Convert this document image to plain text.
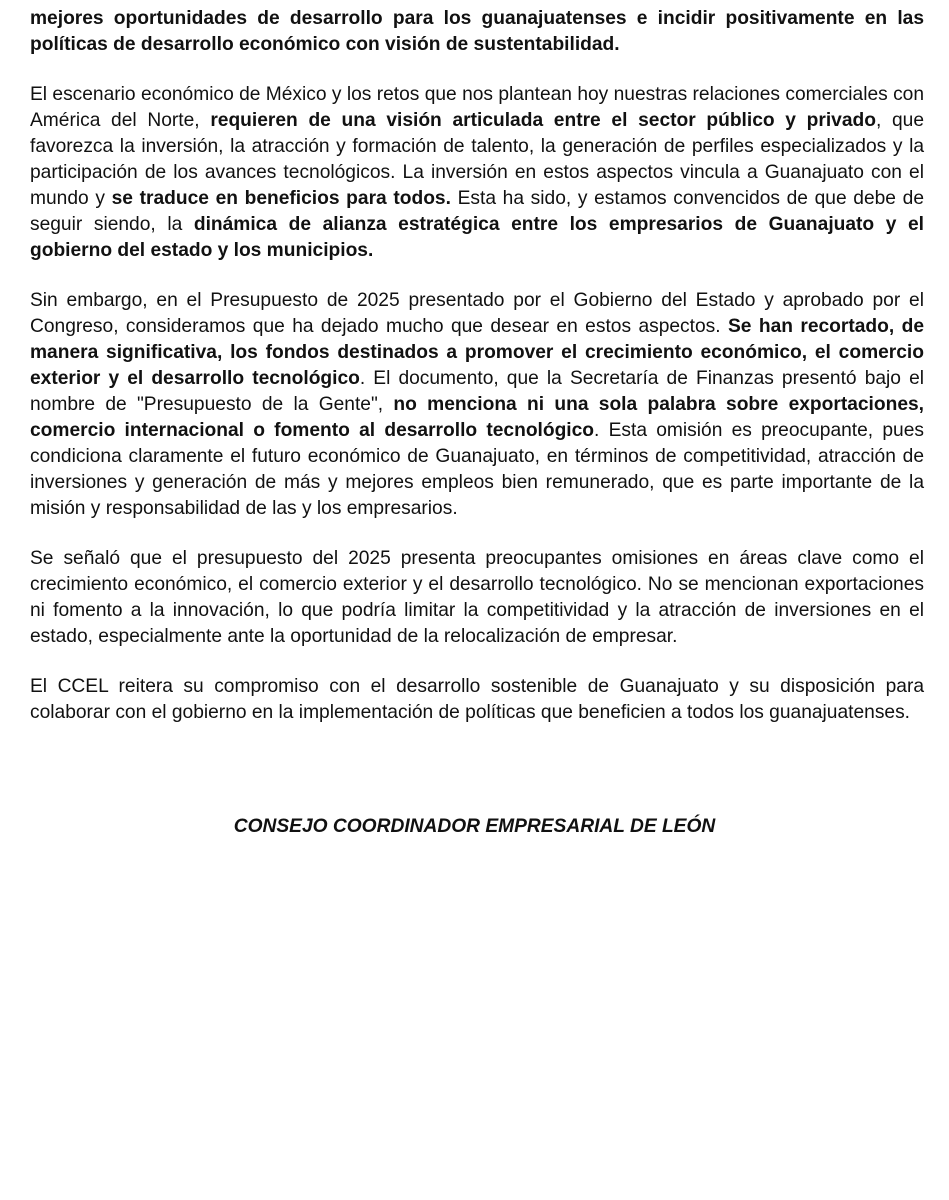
mejores oportunidades de desarrollo para los guanajuatenses e incidir positivamente en las políticas de desarrollo económico con visión de sustentabilidad.

El escenario económico de México y los retos que nos plantean hoy nuestras relaciones comerciales con América del Norte, requieren de una visión articulada entre el sector público y privado, que favorezca la inversión, la atracción y formación de talento, la generación de perfiles especializados y la participación de los avances tecnológicos. La inversión en estos aspectos vincula a Guanajuato con el mundo y se traduce en beneficios para todos. Esta ha sido, y estamos convencidos de que debe de seguir siendo, la dinámica de alianza estratégica entre los empresarios de Guanajuato y el gobierno del estado y los municipios.

Sin embargo, en el Presupuesto de 2025 presentado por el Gobierno del Estado y aprobado por el Congreso, consideramos que ha dejado mucho que desear en estos aspectos. Se han recortado, de manera significativa, los fondos destinados a promover el crecimiento económico, el comercio exterior y el desarrollo tecnológico. El documento, que la Secretaría de Finanzas presentó bajo el nombre de "Presupuesto de la Gente", no menciona ni una sola palabra sobre exportaciones, comercio internacional o fomento al desarrollo tecnológico. Esta omisión es preocupante, pues condiciona claramente el futuro económico de Guanajuato, en términos de competitividad, atracción de inversiones y generación de más y mejores empleos bien remunerado, que es parte importante de la misión y responsabilidad de las y los empresarios.

Se señaló que el presupuesto del 2025 presenta preocupantes omisiones en áreas clave como el crecimiento económico, el comercio exterior y el desarrollo tecnológico. No se mencionan exportaciones ni fomento a la innovación, lo que podría limitar la competitividad y la atracción de inversiones en el estado, especialmente ante la oportunidad de la relocalización de empresar.

El CCEL reitera su compromiso con el desarrollo sostenible de Guanajuato y su disposición para colaborar con el gobierno en la implementación de políticas que beneficien a todos los guanajuatenses.

CONSEJO COORDINADOR EMPRESARIAL DE LEÓN
